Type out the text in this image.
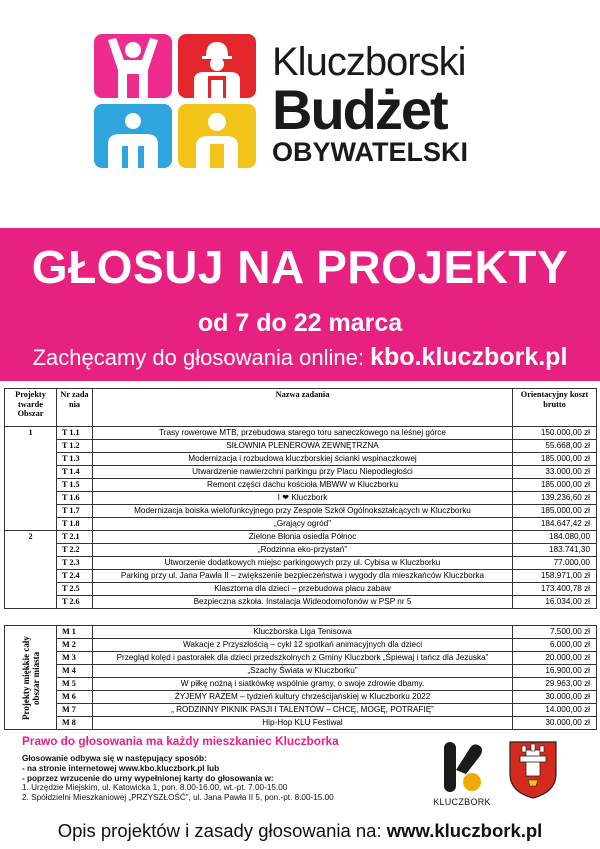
Kluczborski
Budżet
OBYWATELSKI
GŁOSUJ NA PROJEKTY
od 7 do 22 marca
Zachęcamy do głosowania online: kbo.kluczbork.pl
Projekty twarde Obszar	Nr zada nia	Nazwa zadania	Orientacyjny koszt brutto
1	T 1.1	Trasy rowerowe MTB, przebudowa starego toru saneczkowego na leśnej górce	150.000,00 zł
	T 1.2	SIŁOWNIA PLENEROWA ZEWNĘTRZNA	55.668,00 zł
	T 1.3	Modernizacja i rozbudowa kluczborskiej ścianki wspinaczkowej	185.000,00 zł
	T 1.4	Utwardzenie nawierzchni parkingu przy Placu Niepodległości	33.000,00 zł
	T 1.5	Remont części dachu kościoła MBWW w Kluczborku	185.000,00 zł
	T 1.6	I ❤ Kluczbork	139.236,60 zł
	T 1.7	Modernizacja boiska wielofunkcyjnego przy Zespole Szkół Ogólnokształcących w Kluczborku	185.000,00 zł
	T 1.8	„Grający ogród”	184.647,42 zł
2	T 2.1	Zielone Błonia osiedla Północ	184.080,00
	T 2.2	„Rodzinna eko-przystań”	183.741,30
	T 2.3	Utworzenie dodatkowych miejsc parkingowych przy ul. Cybisa w Kluczborku	77.000,00
	T 2.4	Parking przy ul. Jana Pawła II – zwiększenie bezpieczeństwa i wygody dla mieszkańców Kluczborka	158.971,00 zł
	T 2.5	Klasztorna dla dzieci – przebudowa placu zabaw	173.400,78 zł
	T 2.6	Bezpieczna szkoła. Instalacja Wideodomofonów w PSP nr 5	16.034,00 zł
Projekty miękkie cały obszar miasta	M 1	Kluczborska Liga Tenisowa	7.500,00 zł
	M 2	Wakacje z Przyszłością – cykl 12 spotkań animacyjnych dla dzieci	6.000,00 zł
	M 3	Przegląd kolęd i pastorałek dla dzieci przedszkolnych z Gminy Kluczbork „Śpiewaj i tańcz dla Jezuska”	20.000,00 zł
	M 4	„Szachy Świata w Kluczborku”	16.900,00 zł
	M 5	W piłkę nożną i siatkówkę wspólnie gramy, o swoje zdrowie dbamy.	29.963,00 zł
	M 6	ŻYJEMY RAZEM – tydzień kultury chrześcijańskiej w Kluczborku 2022	30.000,00 zł
	M 7	„ RODZINNY PIKNIK PASJI I TALENTÓW – CHCĘ, MOGĘ, POTRAFIĘ”	14.000,00 zł
	M 8	Hip-Hop KLU Festiwal	30.000,00 zł
Prawo do głosowania ma każdy mieszkaniec Kluczborka
Głosowanie odbywa się w następujący sposób:
- na stronie internetowej www.kbo.kluczbork.pl lub
- poprzez wrzucenie do urny wypełnionej karty do głosowania w:
1. Urzędzie Miejskim, ul. Katowicka 1, pon. 8.00-16.00, wt.-pt. 7.00-15.00
2. Spółdzielni Mieszkaniowej „PRZYSZŁOŚĆ”, ul. Jana Pawła II 5, pon.-pt. 8.00-15.00	KLUCZBORK
Opis projektów i zasady głosowania na: www.kluczbork.pl
